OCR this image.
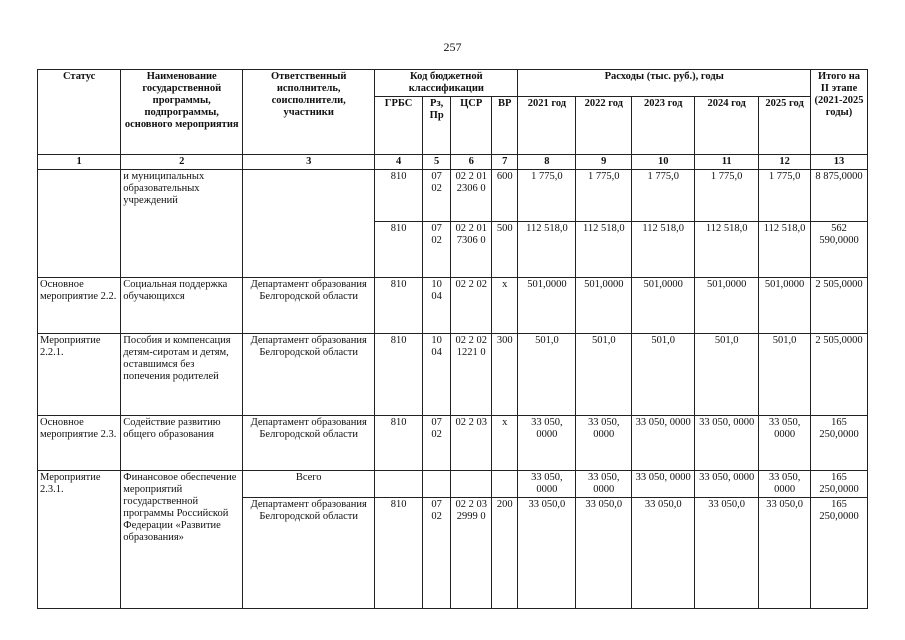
257
Статус	Наименование государственной программы, подпрограммы, основного мероприятия	Ответственный исполнитель, соисполнители, участники	Код бюджетной классификации				Расходы (тыс. руб.), годы					Итого на II этапе (2021-2025 годы)
			ГРБС	Рз, Пр	ЦСР	ВР	2021 год	2022 год	2023 год	2024 год	2025 год	
1	2	3	4	5	6	7	8	9	10	11	12	13
	и муниципальных образовательных учреждений		810	07 02	02 2 01 2306 0	600	1 775,0	1 775,0	1 775,0	1 775,0	1 775,0	8 875,0000
			810	07 02	02 2 01 7306 0	500	112 518,0	112 518,0	112 518,0	112 518,0	112 518,0	562 590,0000
Основное мероприятие 2.2.	Социальная поддержка обучающихся	Департамент образования Белгородской области	810	10 04	02 2 02	х	501,0000	501,0000	501,0000	501,0000	501,0000	2 505,0000
Мероприятие 2.2.1.	Пособия и компенсация детям-сиротам и детям, оставшимся без попечения родителей	Департамент образования Белгородской области	810	10 04	02 2 02 1221 0	300	501,0	501,0	501,0	501,0	501,0	2 505,0000
Основное мероприятие 2.3.	Содействие развитию общего образования	Департамент образования Белгородской области	810	07 02	02 2 03	х	33 050, 0000	33 050, 0000	33 050, 0000	33 050, 0000	33 050, 0000	165 250,0000
Мероприятие 2.3.1.	Финансовое обеспечение мероприятий государственной программы Российской Федерации «Развитие образования»	Всего					33 050, 0000	33 050, 0000	33 050, 0000	33 050, 0000	33 050, 0000	165 250,0000
		Департамент образования Белгородской области	810	07 02	02 2 03 2999 0	200	33 050,0	33 050,0	33 050,0	33 050,0	33 050,0	165 250,0000
